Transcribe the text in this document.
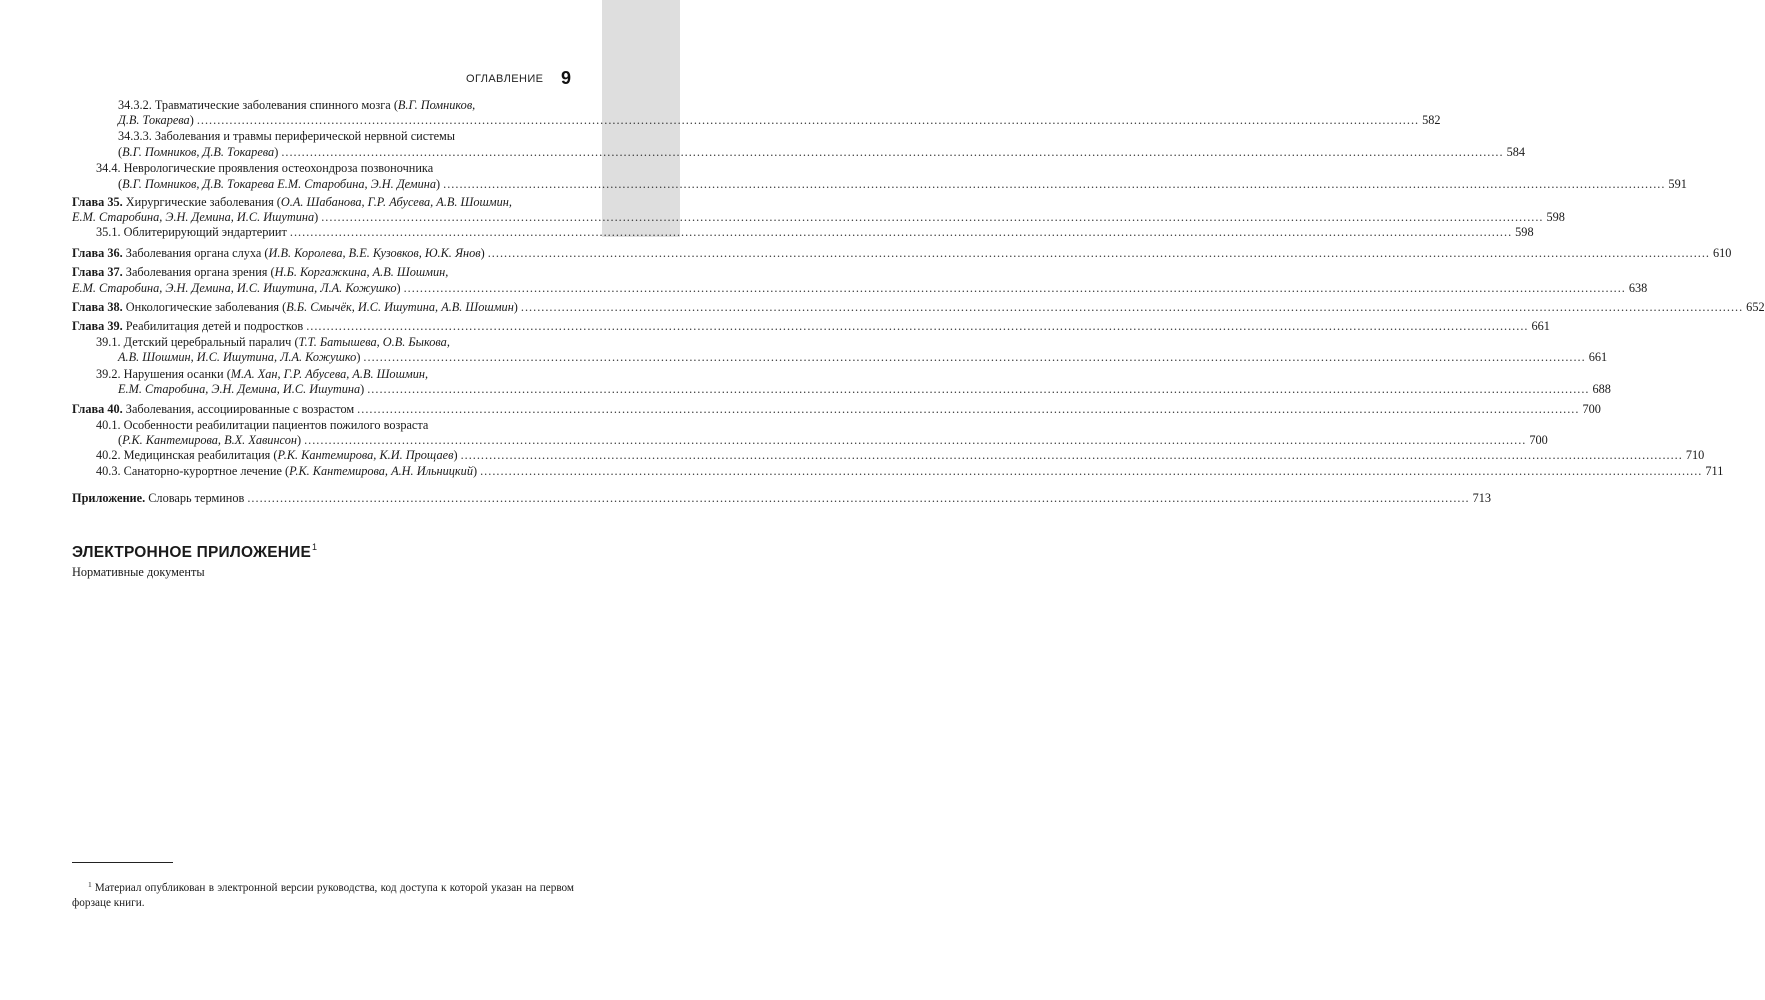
ОГЛАВЛЕНИЕ 9
34.3.2. Травматические заболевания спинного мозга (В.Г. Помников,
Д.В. Токарева) ............................................................................................................................................................................................................................................................................................................ 582
34.3.3. Заболевания и травмы периферической нервной системы
(В.Г. Помников, Д.В. Токарева) ............................................................................................................................................................................................................................................................................................................ 584
34.4. Неврологические проявления остеохондроза позвоночника
(В.Г. Помников, Д.В. Токарева Е.М. Старобина, Э.Н. Демина) ............................................................................................................................................................................................................................................................................................................ 591
Глава 35. Хирургические заболевания (О.А. Шабанова, Г.Р. Абусева, А.В. Шошмин,
Е.М. Старобина, Э.Н. Демина, И.С. Ишутина) ............................................................................................................................................................................................................................................................................................................ 598
35.1. Облитерирующий эндартериит ............................................................................................................................................................................................................................................................................................................ 598
Глава 36. Заболевания органа слуха (И.В. Королева, В.Е. Кузовков, Ю.К. Янов) ............................................................................................................................................................................................................................................................................................................ 610
Глава 37. Заболевания органа зрения (Н.Б. Коргажкина, А.В. Шошмин,
Е.М. Старобина, Э.Н. Демина, И.С. Ишутина, Л.А. Кожушко) ............................................................................................................................................................................................................................................................................................................ 638
Глава 38. Онкологические заболевания (В.Б. Смычёк, И.С. Ишутина, А.В. Шошмин) ............................................................................................................................................................................................................................................................................................................ 652
Глава 39. Реабилитация детей и подростков ............................................................................................................................................................................................................................................................................................................ 661
39.1. Детский церебральный паралич (Т.Т. Батышева, О.В. Быкова,
А.В. Шошмин, И.С. Ишутина, Л.А. Кожушко) ............................................................................................................................................................................................................................................................................................................ 661
39.2. Нарушения осанки (М.А. Хан, Г.Р. Абусева, А.В. Шошмин,
Е.М. Старобина, Э.Н. Демина, И.С. Ишутина) ............................................................................................................................................................................................................................................................................................................ 688
Глава 40. Заболевания, ассоциированные с возрастом ............................................................................................................................................................................................................................................................................................................ 700
40.1. Особенности реабилитации пациентов пожилого возраста
(Р.К. Кантемирова, В.Х. Хавинсон) ............................................................................................................................................................................................................................................................................................................ 700
40.2. Медицинская реабилитация (Р.К. Кантемирова, К.И. Прощаев) ............................................................................................................................................................................................................................................................................................................ 710
40.3. Санаторно-курортное лечение (Р.К. Кантемирова, А.Н. Ильницкий) ............................................................................................................................................................................................................................................................................................................ 711
Приложение. Словарь терминов ............................................................................................................................................................................................................................................................................................................ 713
ЭЛЕКТРОННОЕ ПРИЛОЖЕНИЕ$^1$
Нормативные документы
$^1$ Материал опубликован в электронной версии руководства, код доступа к которой указан на первом форзаце книги.
